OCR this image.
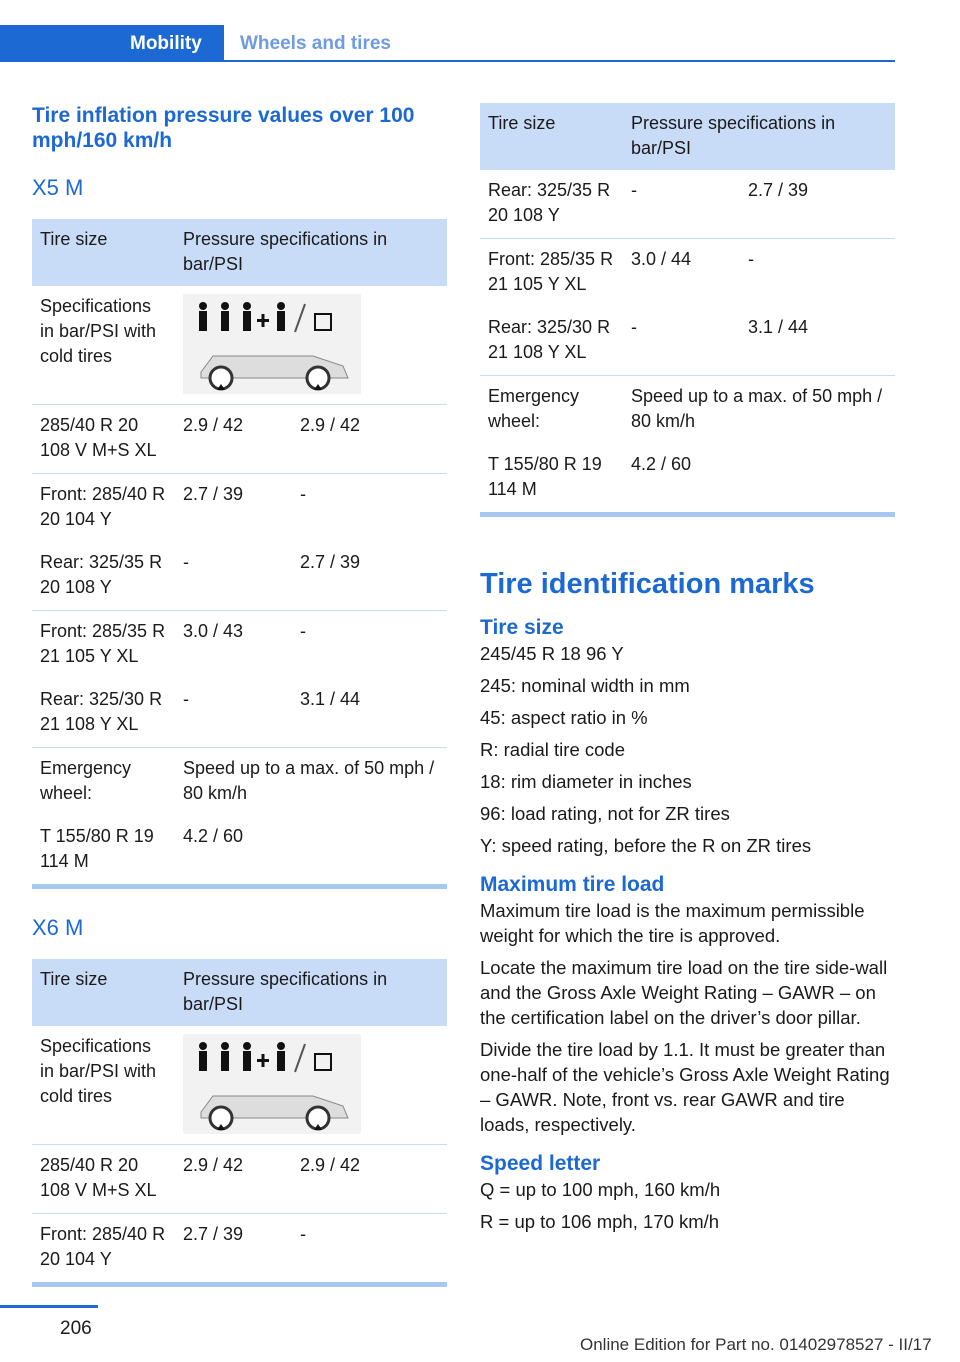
Mobility	Wheels and tires
Tire inflation pressure values over 100 mph/160 km/h
X5 M
Tire size	Pressure specifications in bar/PSI	
Specifications in bar/PSI with cold tires	

285/40 R 20 108 V M+S XL	2.9 / 42	2.9 / 42
Front: 285/40 R 20 104 Y	2.7 / 39	-
Rear: 325/35 R 20 108 Y	-	2.7 / 39
Front: 285/35 R 21 105 Y XL	3.0 / 43	-
Rear: 325/30 R 21 108 Y XL	-	3.1 / 44
Emergency wheel:	Speed up to a max. of 50 mph / 80 km/h	
T 155/80 R 19 114 M	4.2 / 60	
X6 M
Tire size	Pressure specifications in bar/PSI	
Specifications in bar/PSI with cold tires	

285/40 R 20 108 V M+S XL	2.9 / 42	2.9 / 42
Front: 285/40 R 20 104 Y	2.7 / 39	-
Tire size	Pressure specifications in bar/PSI	
Rear: 325/35 R 20 108 Y	-	2.7 / 39
Front: 285/35 R 21 105 Y XL	3.0 / 44	-
Rear: 325/30 R 21 108 Y XL	-	3.1 / 44
Emergency wheel:	Speed up to a max. of 50 mph / 80 km/h	
T 155/80 R 19 114 M	4.2 / 60	
Tire identification marks
Tire size

245/45 R 18 96 Y

245: nominal width in mm

45: aspect ratio in %

R: radial tire code

18: rim diameter in inches

96: load rating, not for ZR tires

Y: speed rating, before the R on ZR tires

Maximum tire load

Maximum tire load is the maximum permissible weight for which the tire is approved.

Locate the maximum tire load on the tire side‐wall and the Gross Axle Weight Rating – GAWR – on the certification label on the driver’s door pillar.

Divide the tire load by 1.1. It must be greater than one-half of the vehicle’s Gross Axle Weight Rating – GAWR. Note, front vs. rear GAWR and tire loads, respectively.

Speed letter

Q = up to 100 mph, 160 km/h

R = up to 106 mph, 170 km/h

206
Online Edition for Part no. 01402978527 - II/17
